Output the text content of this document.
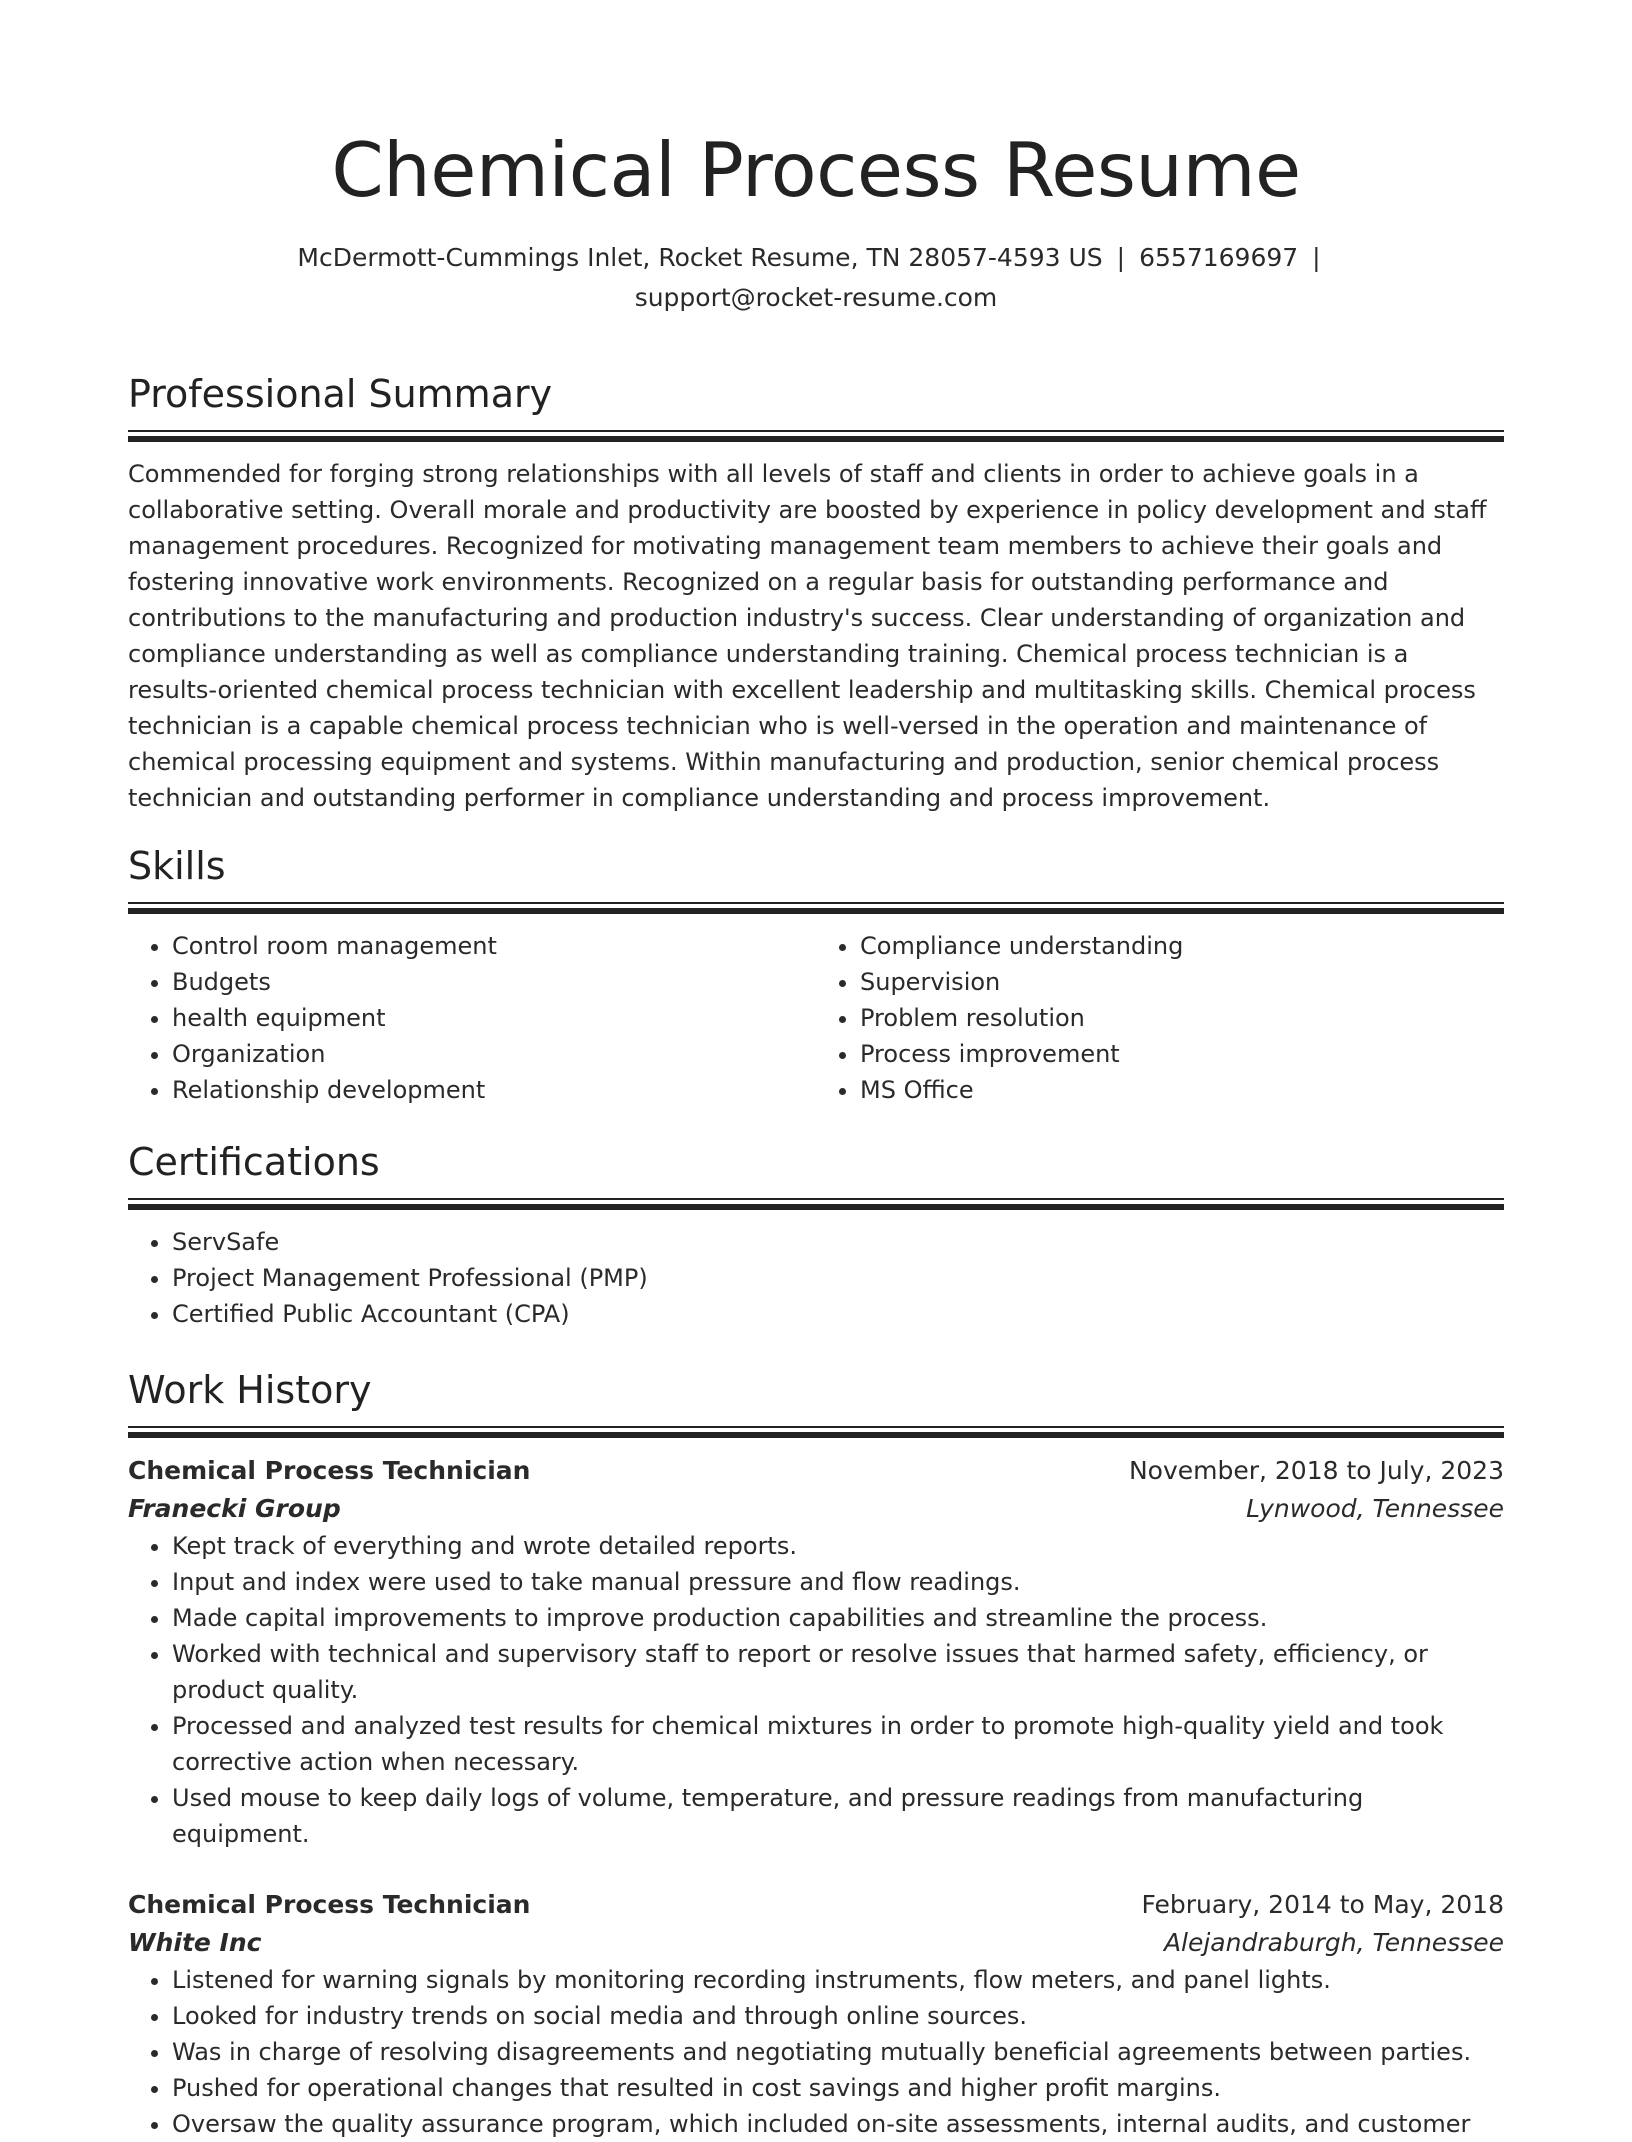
Chemical Process Resume
McDermott-Cummings Inlet, Rocket Resume, TN 28057-4593 US | 6557169697 |
support@rocket-resume.com
Professional Summary

Commended for forging strong relationships with all levels of staff and clients in order to achieve goals in a collaborative setting. Overall morale and productivity are boosted by experience in policy development and staff management procedures. Recognized for motivating management team members to achieve their goals and fostering innovative work environments. Recognized on a regular basis for outstanding performance and contributions to the manufacturing and production industry's success. Clear understanding of organization and compliance understanding as well as compliance understanding training. Chemical process technician is a results-oriented chemical process technician with excellent leadership and multitasking skills. Chemical process technician is a capable chemical process technician who is well-versed in the operation and maintenance of chemical processing equipment and systems. Within manufacturing and production, senior chemical process technician and outstanding performer in compliance understanding and process improvement.

Skills
• Control room management
• Budgets
• health equipment
• Organization
• Relationship development
• Compliance understanding
• Supervision
• Problem resolution
• Process improvement
• MS Office
Certifications
• ServSafe
• Project Management Professional (PMP)
• Certified Public Accountant (CPA)
Work History
Chemical Process Technician	November, 2018 to July, 2023
Franecki Group	Lynwood, Tennessee
• Kept track of everything and wrote detailed reports.
• Input and index were used to take manual pressure and flow readings.
• Made capital improvements to improve production capabilities and streamline the process.
• Worked with technical and supervisory staff to report or resolve issues that harmed safety, efficiency, or product quality.
• Processed and analyzed test results for chemical mixtures in order to promote high-quality yield and took corrective action when necessary.
• Used mouse to keep daily logs of volume, temperature, and pressure readings from manufacturing equipment.
Chemical Process Technician	February, 2014 to May, 2018
White Inc	Alejandraburgh, Tennessee
• Listened for warning signals by monitoring recording instruments, flow meters, and panel lights.
• Looked for industry trends on social media and through online sources.
• Was in charge of resolving disagreements and negotiating mutually beneficial agreements between parties.
• Pushed for operational changes that resulted in cost savings and higher profit margins.
• Oversaw the quality assurance program, which included on-site assessments, internal audits, and customer
